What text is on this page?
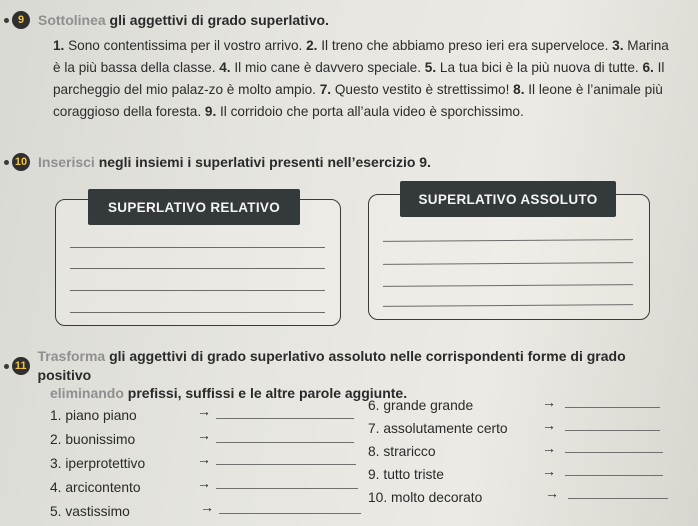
9 Sottolinea gli aggettivi di grado superlativo.
1. Sono contentissima per il vostro arrivo. 2. Il treno che abbiamo preso ieri era superveloce. 3. Marina è la più bassa della classe. 4. Il mio cane è davvero speciale. 5. La tua bici è la più nuova di tutte. 6. Il parcheggio del mio palaz-zo è molto ampio. 7. Questo vestito è strettissimo! 8. Il leone è l’animale più coraggioso della foresta. 9. Il corridoio che porta all’aula video è sporchissimo.
10 Inserisci negli insiemi i superlativi presenti nell’esercizio 9.
SUPERLATIVO RELATIVO
SUPERLATIVO ASSOLUTO
11
Trasforma gli aggettivi di grado superlativo assoluto nelle corrispondenti forme di grado positivo
eliminando prefissi, suffissi e le altre parole aggiunte.
1. piano piano	→
2. buonissimo	→
3. iperprotettivo	→
4. arcicontento	→
5. vastissimo	→
6. grande grande	→
7. assolutamente certo →
8. straricco	→
9. tutto triste	→
10. molto decorato	→
